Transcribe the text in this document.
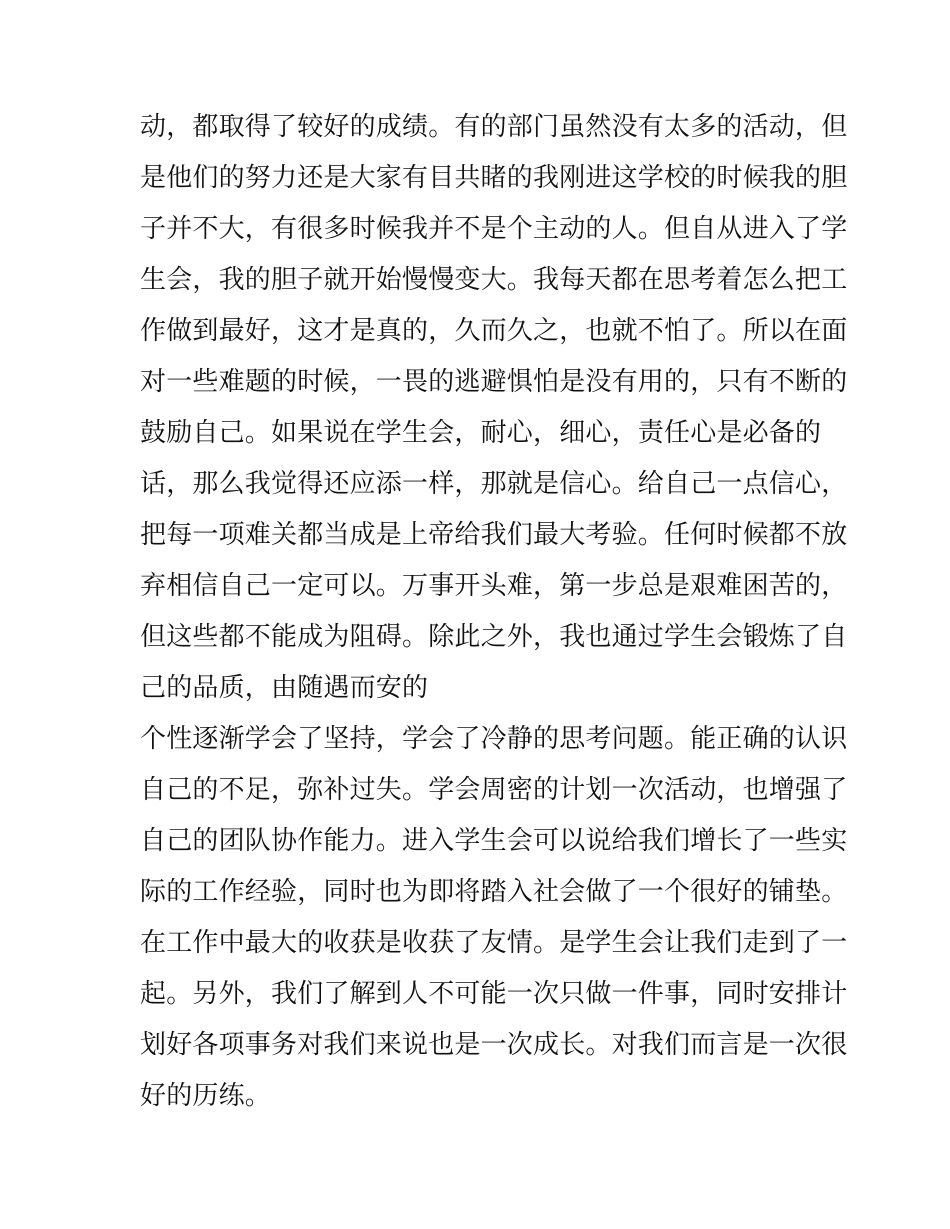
动，都取得了较好的成绩。有的部门虽然没有太多的活动，但
是他们的努力还是大家有目共睹的我刚进这学校的时候我的胆
子并不大，有很多时候我并不是个主动的人。但自从进入了学
生会，我的胆子就开始慢慢变大。我每天都在思考着怎么把工
作做到最好，这才是真的，久而久之，也就不怕了。所以在面
对一些难题的时候，一畏的逃避惧怕是没有用的，只有不断的
鼓励自己。如果说在学生会，耐心，细心，责任心是必备的
话，那么我觉得还应添一样，那就是信心。给自己一点信心，
把每一项难关都当成是上帝给我们最大考验。任何时候都不放
弃相信自己一定可以。万事开头难，第一步总是艰难困苦的，
但这些都不能成为阻碍。除此之外，我也通过学生会锻炼了自
己的品质，由随遇而安的
个性逐渐学会了坚持，学会了冷静的思考问题。能正确的认识
自己的不足，弥补过失。学会周密的计划一次活动，也增强了
自己的团队协作能力。进入学生会可以说给我们增长了一些实
际的工作经验，同时也为即将踏入社会做了一个很好的铺垫。
在工作中最大的收获是收获了友情。是学生会让我们走到了一
起。另外，我们了解到人不可能一次只做一件事，同时安排计
划好各项事务对我们来说也是一次成长。对我们而言是一次很
好的历练。
